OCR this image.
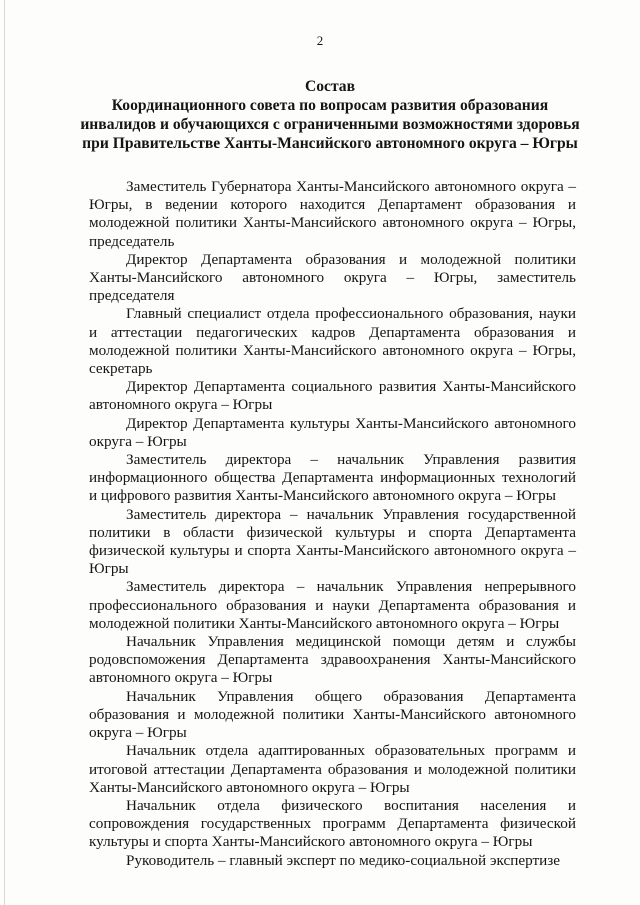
2
Состав
Координационного совета по вопросам развития образования
инвалидов и обучающихся с ограниченными возможностями здоровья
при Правительстве Ханты-Мансийского автономного округа – Югры

Заместитель Губернатора Ханты-Мансийского автономного округа – Югры, в ведении которого находится Департамент образования и молодежной политики Ханты-Мансийского автономного округа – Югры, председатель

Директор Департамента образования и молодежной политики Ханты-Мансийского автономного округа – Югры, заместитель председателя

Главный специалист отдела профессионального образования, науки и аттестации педагогических кадров Департамента образования и молодежной политики Ханты-Мансийского автономного округа – Югры, секретарь

Директор Департамента социального развития Ханты-Мансийского автономного округа – Югры

Директор Департамента культуры Ханты-Мансийского автономного округа – Югры

Заместитель директора – начальник Управления развития информационного общества Департамента информационных технологий и цифрового развития Ханты-Мансийского автономного округа – Югры

Заместитель директора – начальник Управления государственной политики в области физической культуры и спорта Департамента физической культуры и спорта Ханты-Мансийского автономного округа – Югры

Заместитель директора – начальник Управления непрерывного профессионального образования и науки Департамента образования и молодежной политики Ханты-Мансийского автономного округа – Югры

Начальник Управления медицинской помощи детям и службы родовспоможения Департамента здравоохранения Ханты-Мансийского автономного округа – Югры

Начальник Управления общего образования Департамента образования и молодежной политики Ханты-Мансийского автономного округа – Югры

Начальник отдела адаптированных образовательных программ и итоговой аттестации Департамента образования и молодежной политики Ханты-Мансийского автономного округа – Югры

Начальник отдела физического воспитания населения и сопровождения государственных программ Департамента физической культуры и спорта Ханты-Мансийского автономного округа – Югры

Руководитель – главный эксперт по медико-социальной экспертизе
